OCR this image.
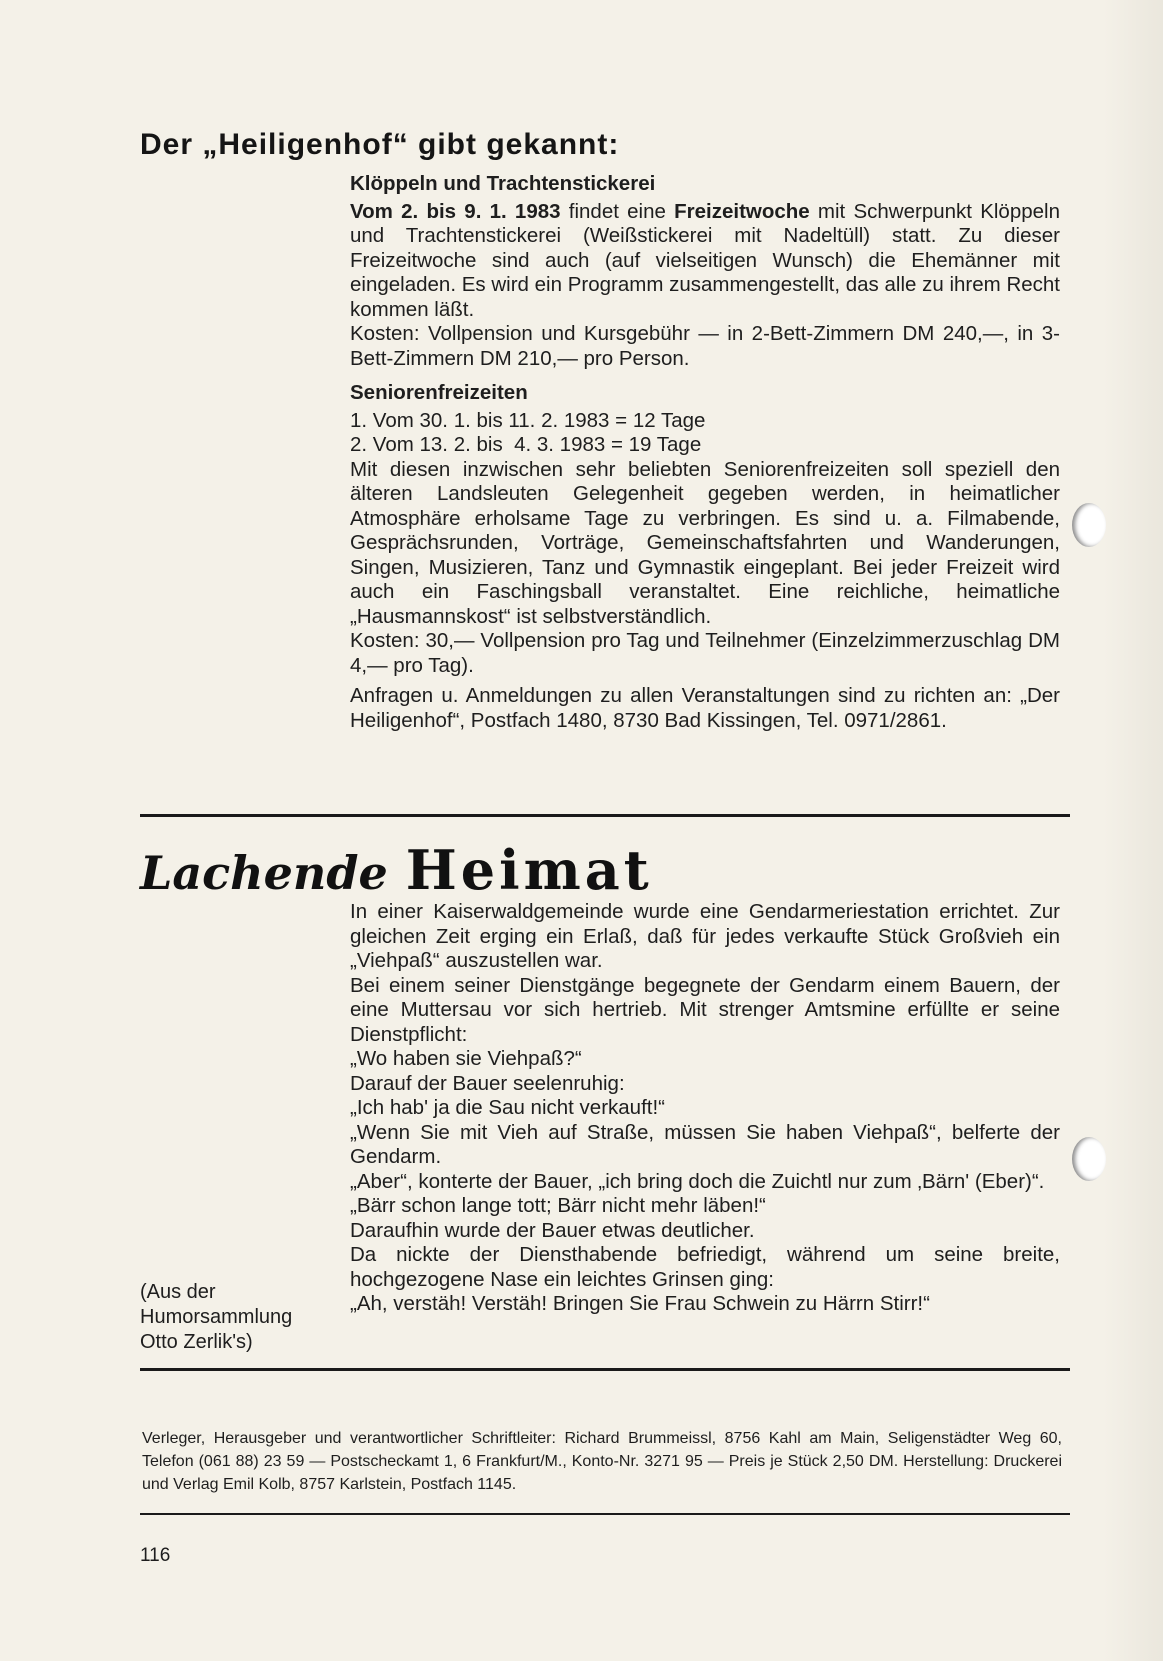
Der „Heiligenhof“ gibt gekannt:

Klöppeln und Trachtenstickerei

Vom 2. bis 9. 1. 1983 findet eine Freizeitwoche mit Schwerpunkt Klöppeln und Trachtenstickerei (Weißstickerei mit Nadeltüll) statt. Zu dieser Freizeitwoche sind auch (auf vielseitigen Wunsch) die Ehemänner mit eingeladen. Es wird ein Programm zusammengestellt, das alle zu ihrem Recht kommen läßt.

Kosten: Vollpension und Kursgebühr — in 2-Bett-Zimmern DM 240,—, in 3-Bett-Zimmern DM 210,— pro Person.

Seniorenfreizeiten

1. Vom 30. 1. bis 11. 2. 1983 = 12 Tage

2. Vom 13. 2. bis  4. 3. 1983 = 19 Tage

Mit diesen inzwischen sehr beliebten Seniorenfreizeiten soll speziell den älteren Landsleuten Gelegenheit gegeben werden, in heimatlicher Atmosphäre erholsame Tage zu verbringen. Es sind u. a. Filmabende, Gesprächsrunden, Vorträge, Gemeinschaftsfahrten und Wanderungen, Singen, Musizieren, Tanz und Gymnastik eingeplant. Bei jeder Freizeit wird auch ein Faschingsball veranstaltet. Eine reichliche, heimatliche „Hausmannskost“ ist selbstverständlich.

Kosten: 30,— Vollpension pro Tag und Teilnehmer (Einzelzimmerzuschlag DM 4,— pro Tag).

Anfragen u. Anmeldungen zu allen Veranstaltungen sind zu richten an: „Der Heiligenhof“, Postfach 1480, 8730 Bad Kissingen, Tel. 0971/2861.

Lachende Heimat

In einer Kaiserwaldgemeinde wurde eine Gendarmeriestation errichtet. Zur gleichen Zeit erging ein Erlaß, daß für jedes verkaufte Stück Großvieh ein „Viehpaß“ auszustellen war.

Bei einem seiner Dienstgänge begegnete der Gendarm einem Bauern, der eine Muttersau vor sich hertrieb. Mit strenger Amtsmine erfüllte er seine Dienstpflicht:

„Wo haben sie Viehpaß?“

Darauf der Bauer seelenruhig:

„Ich hab' ja die Sau nicht verkauft!“

„Wenn Sie mit Vieh auf Straße, müssen Sie haben Viehpaß“, belferte der Gendarm.

„Aber“, konterte der Bauer, „ich bring doch die Zuichtl nur zum ‚Bärn' (Eber)“.

„Bärr schon lange tott; Bärr nicht mehr läben!“

Daraufhin wurde der Bauer etwas deutlicher.

Da nickte der Diensthabende befriedigt, während um seine breite, hochgezogene Nase ein leichtes Grinsen ging:

„Ah, verstäh! Verstäh! Bringen Sie Frau Schwein zu Härrn Stirr!“

(Aus der
Humorsammlung
Otto Zerlik's)
Verleger, Herausgeber und verantwortlicher Schriftleiter: Richard Brummeissl, 8756 Kahl am Main, Seligenstädter Weg 60, Telefon (061 88) 23 59 — Postscheckamt 1, 6 Frankfurt/M., Konto-Nr. 3271 95 — Preis je Stück 2,50 DM. Herstellung: Druckerei und Verlag Emil Kolb, 8757 Karlstein, Postfach 1145.
116
